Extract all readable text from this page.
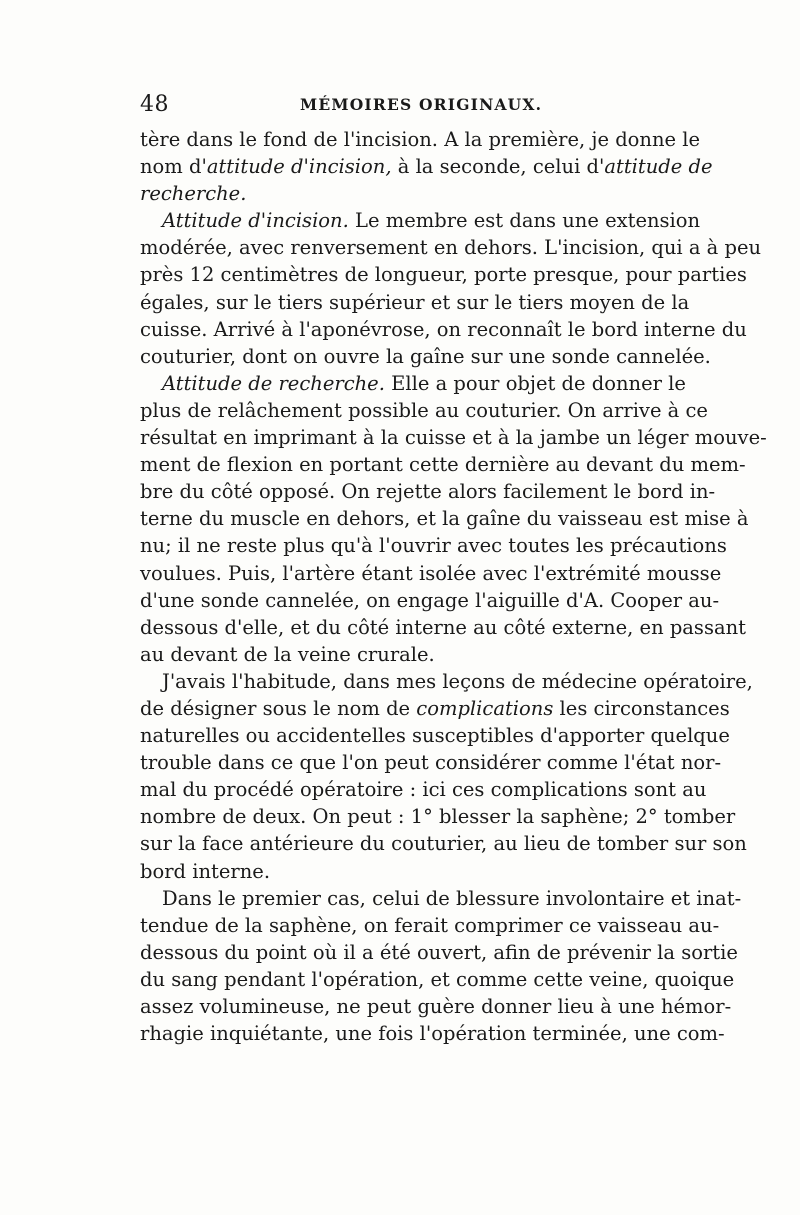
48	MÉMOIRES ORIGINAUX.
tère dans le fond de l'incision. A la première, je donne le
nom d'attitude d'incision, à la seconde, celui d'attitude de
recherche.
Attitude d'incision. Le membre est dans une extension
modérée, avec renversement en dehors. L'incision, qui a à peu
près 12 centimètres de longueur, porte presque, pour parties
égales, sur le tiers supérieur et sur le tiers moyen de la
cuisse. Arrivé à l'aponévrose, on reconnaît le bord interne du
couturier, dont on ouvre la gaîne sur une sonde cannelée.
Attitude de recherche. Elle a pour objet de donner le
plus de relâchement possible au couturier. On arrive à ce
résultat en imprimant à la cuisse et à la jambe un léger mouve-
ment de flexion en portant cette dernière au devant du mem-
bre du côté opposé. On rejette alors facilement le bord in-
terne du muscle en dehors, et la gaîne du vaisseau est mise à
nu; il ne reste plus qu'à l'ouvrir avec toutes les précautions
voulues. Puis, l'artère étant isolée avec l'extrémité mousse
d'une sonde cannelée, on engage l'aiguille d'A. Cooper au-
dessous d'elle, et du côté interne au côté externe, en passant
au devant de la veine crurale.
J'avais l'habitude, dans mes leçons de médecine opératoire,
de désigner sous le nom de complications les circonstances
naturelles ou accidentelles susceptibles d'apporter quelque
trouble dans ce que l'on peut considérer comme l'état nor-
mal du procédé opératoire : ici ces complications sont au
nombre de deux. On peut : 1° blesser la saphène; 2° tomber
sur la face antérieure du couturier, au lieu de tomber sur son
bord interne.
Dans le premier cas, celui de blessure involontaire et inat-
tendue de la saphène, on ferait comprimer ce vaisseau au-
dessous du point où il a été ouvert, afin de prévenir la sortie
du sang pendant l'opération, et comme cette veine, quoique
assez volumineuse, ne peut guère donner lieu à une hémor-
rhagie inquiétante, une fois l'opération terminée, une com-
